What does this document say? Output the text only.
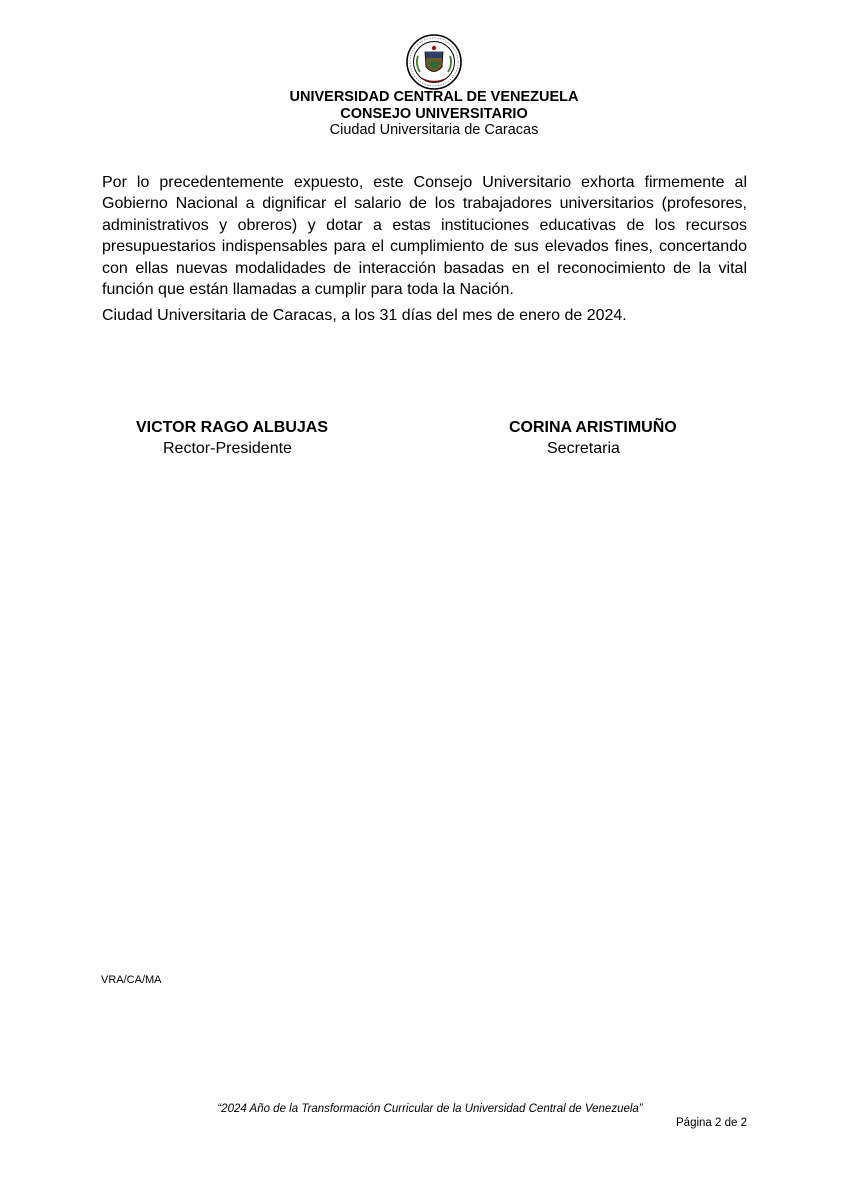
UNIVERSIDAD CENTRAL DE VENEZUELA
CONSEJO UNIVERSITARIO
Ciudad Universitaria de Caracas

Por lo precedentemente expuesto, este Consejo Universitario exhorta firmemente al Gobierno Nacional a dignificar el salario de los trabajadores universitarios (profesores, administrativos y obreros) y dotar a estas instituciones educativas de los recursos presupuestarios indispensables para el cumplimiento de sus elevados fines, concertando con ellas nuevas modalidades de interacción basadas en el reconocimiento de la vital función que están llamadas a cumplir para toda la Nación.

Ciudad Universitaria de Caracas, a los 31 días del mes de enero de 2024.

VICTOR RAGO ALBUJAS
Rector-Presidente
CORINA ARISTIMUÑO
Secretaria
VRA/CA/MA
“2024 Año de la Transformación Curricular de la Universidad Central de Venezuela”
Página 2 de 2
